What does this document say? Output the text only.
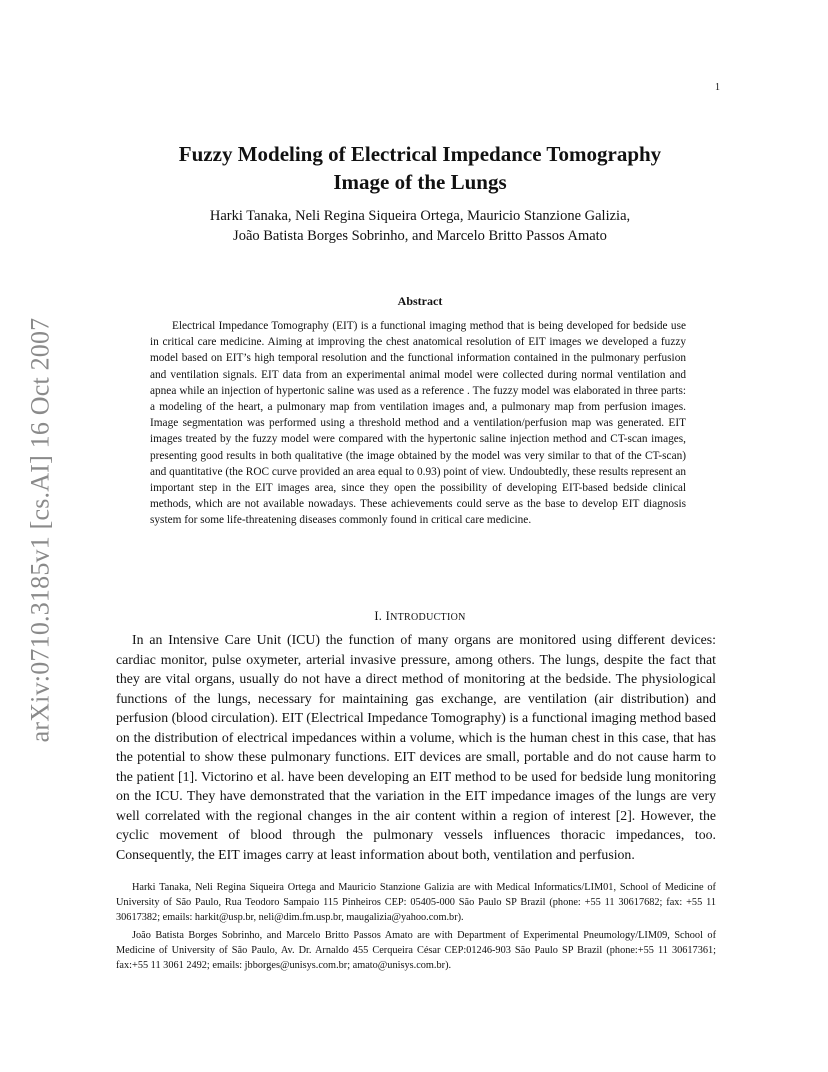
1
arXiv:0710.3185v1 [cs.AI] 16 Oct 2007
Fuzzy Modeling of Electrical Impedance Tomography
Image of the Lungs
Harki Tanaka, Neli Regina Siqueira Ortega, Mauricio Stanzione Galizia,
João Batista Borges Sobrinho, and Marcelo Britto Passos Amato
Abstract

Electrical Impedance Tomography (EIT) is a functional imaging method that is being developed for bedside use in critical care medicine. Aiming at improving the chest anatomical resolution of EIT images we developed a fuzzy model based on EIT’s high temporal resolution and the functional information contained in the pulmonary perfusion and ventilation signals. EIT data from an experimental animal model were collected during normal ventilation and apnea while an injection of hypertonic saline was used as a reference . The fuzzy model was elaborated in three parts: a modeling of the heart, a pulmonary map from ventilation images and, a pulmonary map from perfusion images. Image segmentation was performed using a threshold method and a ventilation/perfusion map was generated. EIT images treated by the fuzzy model were compared with the hypertonic saline injection method and CT-scan images, presenting good results in both qualitative (the image obtained by the model was very similar to that of the CT-scan) and quantitative (the ROC curve provided an area equal to 0.93) point of view. Undoubtedly, these results represent an important step in the EIT images area, since they open the possibility of developing EIT-based bedside clinical methods, which are not available nowadays. These achievements could serve as the base to develop EIT diagnosis system for some life-threatening diseases commonly found in critical care medicine.

I. INTRODUCTION

In an Intensive Care Unit (ICU) the function of many organs are monitored using different devices: cardiac monitor, pulse oxymeter, arterial invasive pressure, among others. The lungs, despite the fact that they are vital organs, usually do not have a direct method of monitoring at the bedside. The physiological functions of the lungs, necessary for maintaining gas exchange, are ventilation (air distribution) and perfusion (blood circulation). EIT (Electrical Impedance Tomography) is a functional imaging method based on the distribution of electrical impedances within a volume, which is the human chest in this case, that has the potential to show these pulmonary functions. EIT devices are small, portable and do not cause harm to the patient [1]. Victorino et al. have been developing an EIT method to be used for bedside lung monitoring on the ICU. They have demonstrated that the variation in the EIT impedance images of the lungs are very well correlated with the regional changes in the air content within a region of interest [2]. However, the cyclic movement of blood through the pulmonary vessels influences thoracic impedances, too. Consequently, the EIT images carry at least information about both, ventilation and perfusion.

Harki Tanaka, Neli Regina Siqueira Ortega and Mauricio Stanzione Galizia are with Medical Informatics/LIM01, School of Medicine of University of São Paulo, Rua Teodoro Sampaio 115 Pinheiros CEP: 05405-000 São Paulo SP Brazil (phone: +55 11 30617682; fax: +55 11 30617382; emails: harkit@usp.br, neli@dim.fm.usp.br, maugalizia@yahoo.com.br).

João Batista Borges Sobrinho, and Marcelo Britto Passos Amato are with Department of Experimental Pneumology/LIM09, School of Medicine of University of São Paulo, Av. Dr. Arnaldo 455 Cerqueira César CEP:01246-903 São Paulo SP Brazil (phone:+55 11 30617361; fax:+55 11 3061 2492; emails: jbborges@unisys.com.br; amato@unisys.com.br).
